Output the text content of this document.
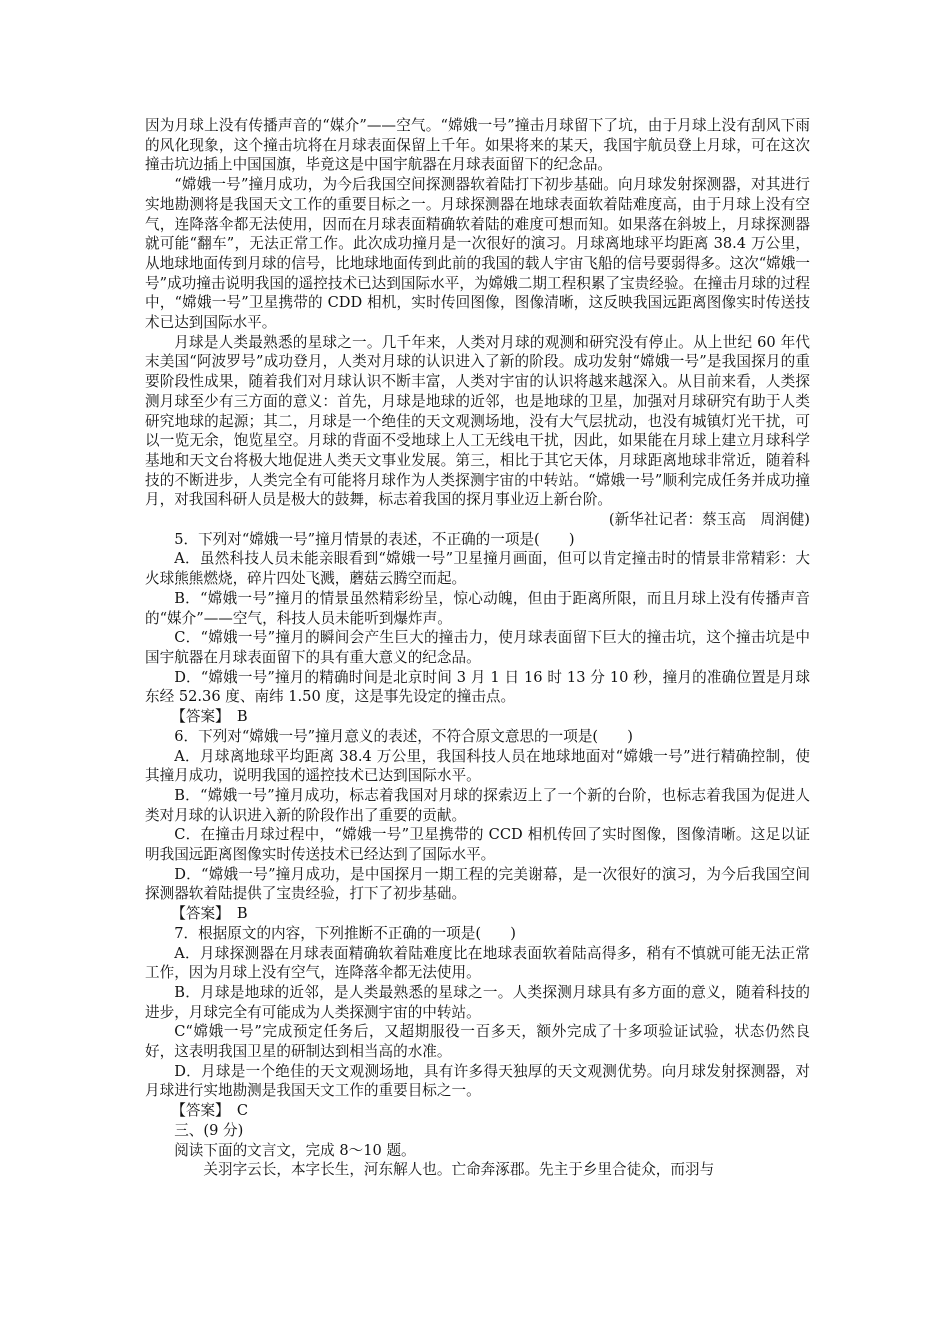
因为月球上没有传播声音的“媒介”——空气。“嫦娥一号”撞击月球留下了坑，由于月球上没有刮风下雨的风化现象，这个撞击坑将在月球表面保留上千年。如果将来的某天，我国宇航员登上月球，可在这次撞击坑边插上中国国旗，毕竟这是中国宇航器在月球表面留下的纪念品。

“嫦娥一号”撞月成功，为今后我国空间探测器软着陆打下初步基础。向月球发射探测器，对其进行实地勘测将是我国天文工作的重要目标之一。月球探测器在地球表面软着陆难度高，由于月球上没有空气，连降落伞都无法使用，因而在月球表面精确软着陆的难度可想而知。如果落在斜坡上，月球探测器就可能“翻车”，无法正常工作。此次成功撞月是一次很好的演习。月球离地球平均距离 38.4 万公里，从地球地面传到月球的信号，比地球地面传到此前的我国的载人宇宙飞船的信号要弱得多。这次“嫦娥一号”成功撞击说明我国的遥控技术已达到国际水平，为嫦娥二期工程积累了宝贵经验。在撞击月球的过程中，“嫦娥一号”卫星携带的 CDD 相机，实时传回图像，图像清晰，这反映我国远距离图像实时传送技术已达到国际水平。

月球是人类最熟悉的星球之一。几千年来，人类对月球的观测和研究没有停止。从上世纪 60 年代末美国“阿波罗号”成功登月，人类对月球的认识进入了新的阶段。成功发射“嫦娥一号”是我国探月的重要阶段性成果，随着我们对月球认识不断丰富，人类对宇宙的认识将越来越深入。从目前来看，人类探测月球至少有三方面的意义：首先，月球是地球的近邻，也是地球的卫星，加强对月球研究有助于人类研究地球的起源；其二，月球是一个绝佳的天文观测场地，没有大气层扰动，也没有城镇灯光干扰，可以一览无余，饱览星空。月球的背面不受地球上人工无线电干扰，因此，如果能在月球上建立月球科学基地和天文台将极大地促进人类天文事业发展。第三，相比于其它天体，月球距离地球非常近，随着科技的不断进步，人类完全有可能将月球作为人类探测宇宙的中转站。“嫦娥一号”顺利完成任务并成功撞月，对我国科研人员是极大的鼓舞，标志着我国的探月事业迈上新台阶。

(新华社记者：蔡玉高　周润健)

5．下列对“嫦娥一号”撞月情景的表述，不正确的一项是(　　)

A．虽然科技人员未能亲眼看到“嫦娥一号”卫星撞月画面，但可以肯定撞击时的情景非常精彩：大火球熊熊燃烧，碎片四处飞溅，蘑菇云腾空而起。

B．“嫦娥一号”撞月的情景虽然精彩纷呈，惊心动魄，但由于距离所限，而且月球上没有传播声音的“媒介”——空气，科技人员未能听到爆炸声。

C．“嫦娥一号”撞月的瞬间会产生巨大的撞击力，使月球表面留下巨大的撞击坑，这个撞击坑是中国宇航器在月球表面留下的具有重大意义的纪念品。

D．“嫦娥一号”撞月的精确时间是北京时间 3 月 1 日 16 时 13 分 10 秒，撞月的准确位置是月球东经 52.36 度、南纬 1.50 度，这是事先设定的撞击点。

【答案】　B

6．下列对“嫦娥一号”撞月意义的表述，不符合原文意思的一项是(　　)

A．月球离地球平均距离 38.4 万公里，我国科技人员在地球地面对“嫦娥一号”进行精确控制，使其撞月成功，说明我国的遥控技术已达到国际水平。

B．“嫦娥一号”撞月成功，标志着我国对月球的探索迈上了一个新的台阶，也标志着我国为促进人类对月球的认识进入新的阶段作出了重要的贡献。

C．在撞击月球过程中，“嫦娥一号”卫星携带的 CCD 相机传回了实时图像，图像清晰。这足以证明我国远距离图像实时传送技术已经达到了国际水平。

D．“嫦娥一号”撞月成功，是中国探月一期工程的完美谢幕，是一次很好的演习，为今后我国空间探测器软着陆提供了宝贵经验，打下了初步基础。

【答案】　B

7．根据原文的内容，下列推断不正确的一项是(　　)

A．月球探测器在月球表面精确软着陆难度比在地球表面软着陆高得多，稍有不慎就可能无法正常工作，因为月球上没有空气，连降落伞都无法使用。

B．月球是地球的近邻，是人类最熟悉的星球之一。人类探测月球具有多方面的意义，随着科技的进步，月球完全有可能成为人类探测宇宙的中转站。

C“嫦娥一号”完成预定任务后，又超期服役一百多天，额外完成了十多项验证试验，状态仍然良好，这表明我国卫星的研制达到相当高的水准。

D．月球是一个绝佳的天文观测场地，具有许多得天独厚的天文观测优势。向月球发射探测器，对月球进行实地勘测是我国天文工作的重要目标之一。

【答案】　C

三、(9 分)

阅读下面的文言文，完成 8～10 题。

关羽字云长，本字长生，河东解人也。亡命奔涿郡。先主于乡里合徒众，而羽与
